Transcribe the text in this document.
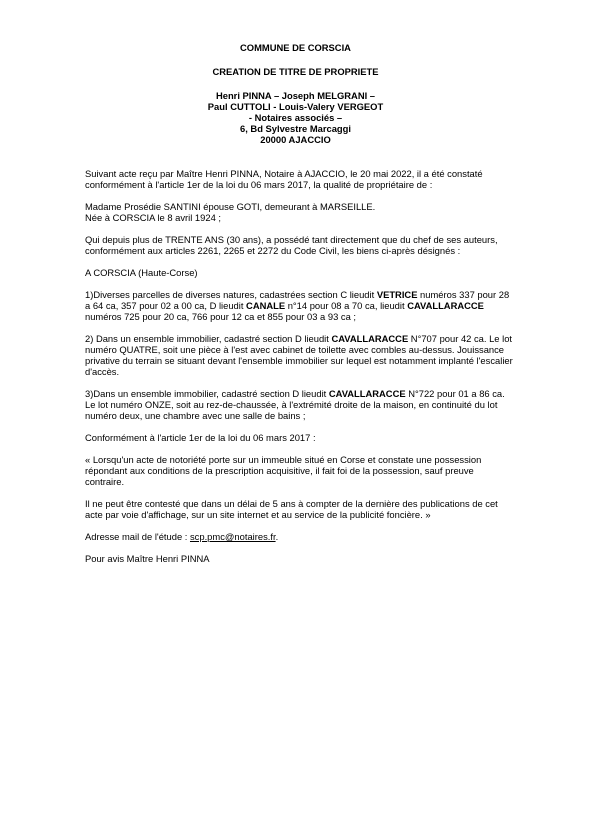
COMMUNE DE CORSCIA

CREATION DE TITRE DE PROPRIETE

Henri PINNA – Joseph MELGRANI –

Paul CUTTOLI - Louis-Valery VERGEOT

- Notaires associés –

6, Bd Sylvestre Marcaggi

20000 AJACCIO

Suivant acte reçu par Maître Henri PINNA, Notaire à AJACCIO, le 20 mai 2022, il a été constaté conformément à l'article 1er de la loi du 06 mars 2017, la qualité de propriétaire de :

Madame Prosédie SANTINI épouse GOTI, demeurant à MARSEILLE.

Née à CORSCIA le 8 avril 1924 ;

Qui depuis plus de TRENTE ANS (30 ans), a possédé tant directement que du chef de ses auteurs, conformément aux articles 2261, 2265 et 2272 du Code Civil, les biens ci-après désignés :

A CORSCIA (Haute-Corse)

1)Diverses parcelles de diverses natures, cadastrées section C lieudit VETRICE numéros 337 pour 28 a 64 ca, 357 pour 02 a 00 ca, D lieudit CANALE n°14 pour 08 a 70 ca, lieudit CAVALLARACCE numéros 725 pour 20 ca, 766 pour 12 ca et 855 pour 03 a 93 ca ;

2) Dans un ensemble immobilier, cadastré section D lieudit CAVALLARACCE N°707 pour 42 ca. Le lot numéro QUATRE, soit une pièce à l'est avec cabinet de toilette avec combles au-dessus. Jouissance privative du terrain se situant devant l'ensemble immobilier sur lequel est notamment implanté l'escalier d'accès.

3)Dans un ensemble immobilier, cadastré section D lieudit CAVALLARACCE N°722 pour 01 a 86 ca. Le lot numéro ONZE, soit au rez-de-chaussée, à l'extrémité droite de la maison, en continuité du lot numéro deux, une chambre avec une salle de bains ;

Conformément à l'article 1er de la loi du 06 mars 2017 :

« Lorsqu'un acte de notoriété porte sur un immeuble situé en Corse et constate une possession répondant aux conditions de la prescription acquisitive, il fait foi de la possession, sauf preuve contraire.

Il ne peut être contesté que dans un délai de 5 ans à compter de la dernière des publications de cet acte par voie d'affichage, sur un site internet et au service de la publicité foncière. »

Adresse mail de l'étude : scp.pmc@notaires.fr.

Pour avis Maître Henri PINNA
